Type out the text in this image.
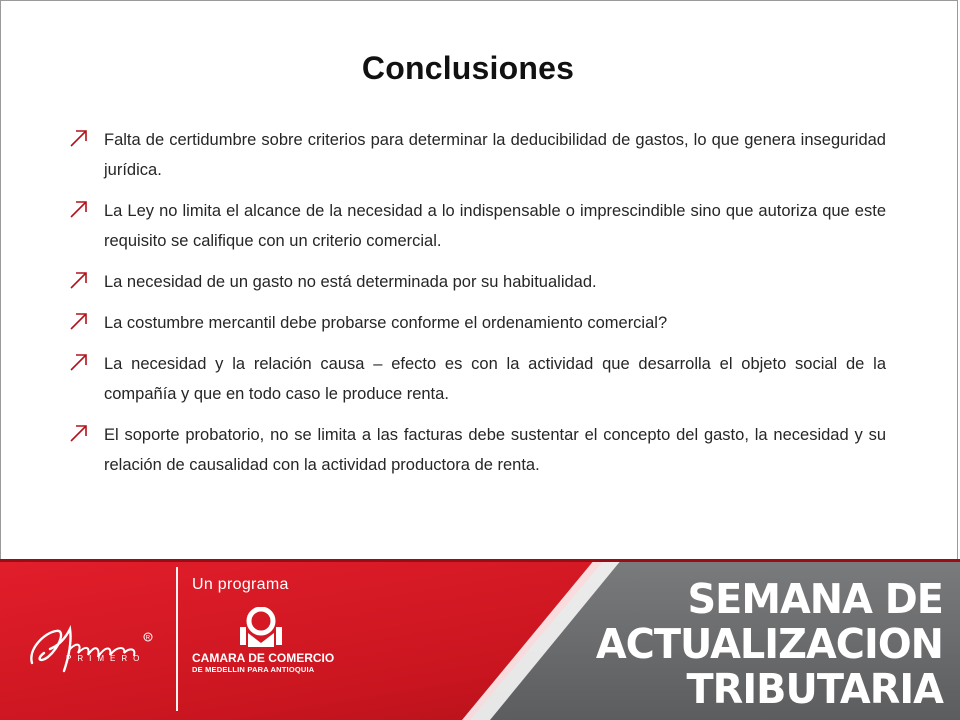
Conclusiones
Falta de certidumbre sobre criterios para determinar la deducibilidad de gastos, lo que genera inseguridad jurídica.
La Ley no limita el alcance de la necesidad a lo indispensable o imprescindible sino que autoriza que este requisito se califique con un criterio comercial.
La necesidad de un gasto no está determinada por su habitualidad.
La costumbre mercantil debe probarse conforme el ordenamiento comercial?
La necesidad y la relación causa – efecto es con la actividad que desarrolla el objeto social de la compañía y que en todo caso le produce renta.
El soporte probatorio, no se limita a las facturas debe sustentar el concepto del gasto, la necesidad y su relación de causalidad con la actividad productora de renta.
R
PRIMERO
Un programa
CAMARA DE COMERCIO
DE MEDELLIN PARA ANTIOQUIA
SEMANA DE
ACTUALIZACION
TRIBUTARIA
